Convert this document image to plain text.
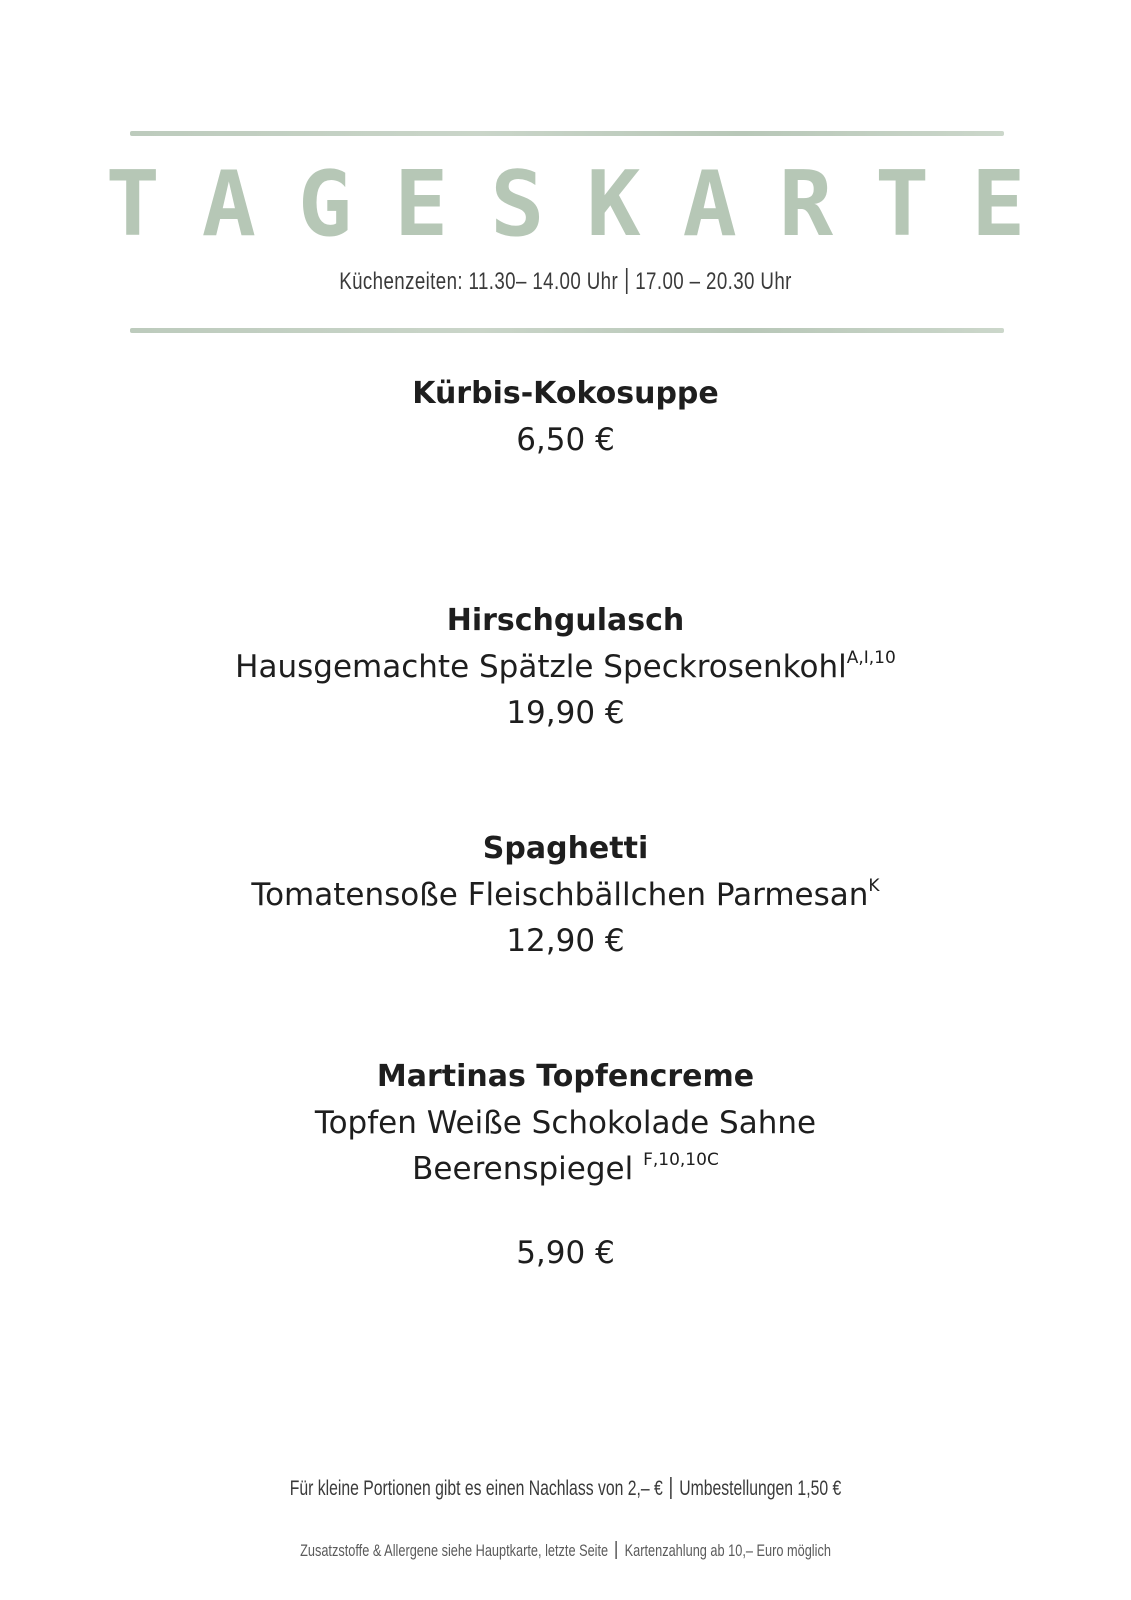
TAGESKARTE
Küchenzeiten: 11.30– 14.00 Uhr 17.00 – 20.30 Uhr
Kürbis-Kokosuppe
6,50 €
Hirschgulasch
Hausgemachte Spätzle Speckrosenkohl$^{A,I,10}$
19,90 €
Spaghetti
Tomatensoße Fleischbällchen Parmesan$^K$
12,90 €
Martinas Topfencreme
Topfen Weiße Schokolade Sahne
Beerenspiegel $^{F,10,10C}$
5,90 €
Für kleine Portionen gibt es einen Nachlass von 2,– € Umbestellungen 1,50 €
Zusatzstoffe & Allergene siehe Hauptkarte, letzte Seite Kartenzahlung ab 10,– Euro möglich
